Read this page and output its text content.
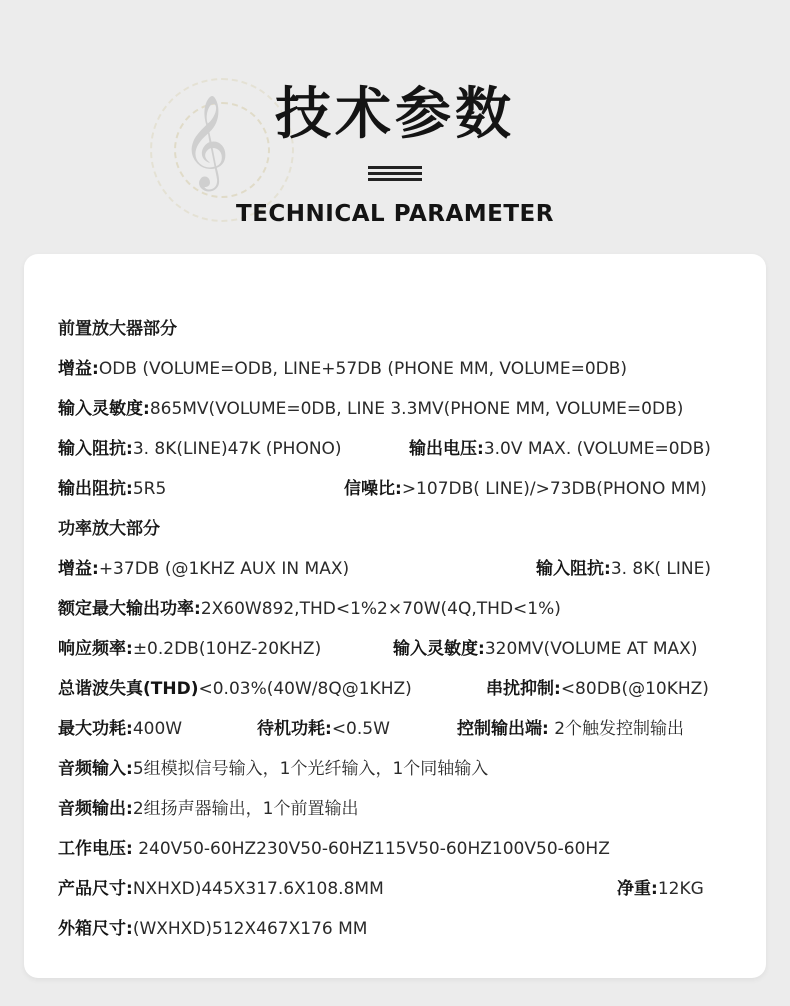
𝄞 技术参数
TECHNICAL PARAMETER
前置放大器部分
增益:ODB (VOLUME=ODB, LINE+57DB (PHONE MM, VOLUME=0DB)
输入灵敏度:865MV(VOLUME=0DB, LINE 3.3MV(PHONE MM, VOLUME=0DB)
输入阻抗:3. 8K(LINE)47K (PHONO)	输出电压:3.0V MAX. (VOLUME=0DB)
输出阻抗:5R5	信噪比:>107DB( LINE)/>73DB(PHONO MM)
功率放大部分
增益:+37DB (@1KHZ AUX IN MAX)	输入阻抗:3. 8K( LINE)
额定最大输出功率:2X60W892,THD<1%2×70W(4Q,THD<1%)
响应频率:±0.2DB(10HZ-20KHZ)	输入灵敏度:320MV(VOLUME AT MAX)
总谐波失真(THD)<0.03%(40W/8Q@1KHZ)	串扰抑制:<80DB(@10KHZ)
最大功耗:400W	待机功耗:<0.5W	控制输出端: 2个触发控制输出
音频输入:5组模拟信号输入，1个光纤输入，1个同轴输入
音频输出:2组扬声器输出，1个前置输出
工作电压: 240V50-60HZ230V50-60HZ115V50-60HZ100V50-60HZ
产品尺寸:NXHXD)445X317.6X108.8MM	净重:12KG
外箱尺寸:(WXHXD)512X467X176 MM
